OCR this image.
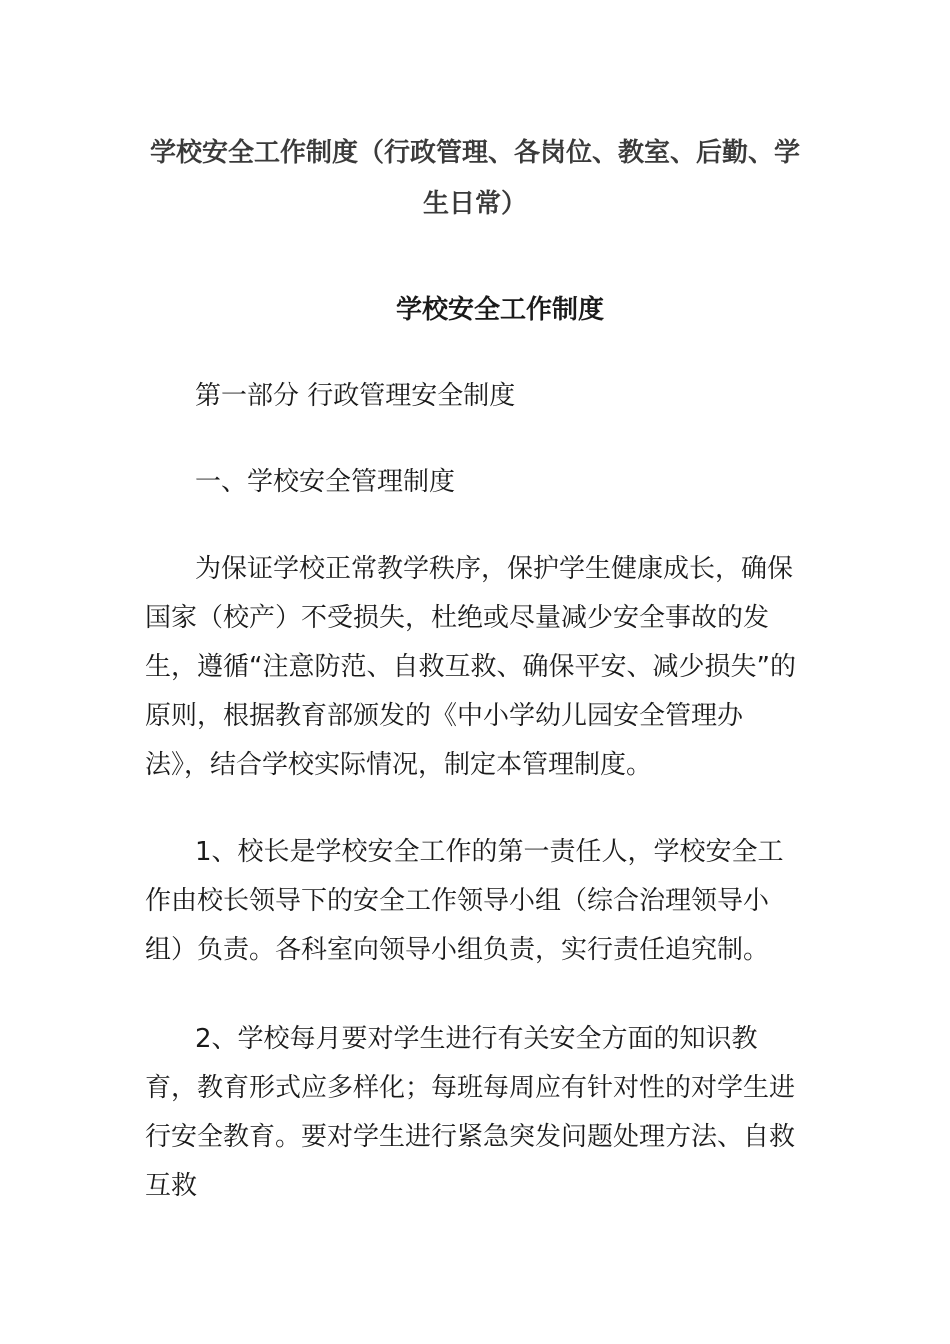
学校安全工作制度（行政管理、各岗位、教室、后勤、学生日常）
学校安全工作制度
第一部分 行政管理安全制度
一、学校安全管理制度

为保证学校正常教学秩序，保护学生健康成长，确保国家（校产）不受损失，杜绝或尽量减少安全事故的发生，遵循“注意防范、自救互救、确保平安、减少损失”的原则，根据教育部颁发的《中小学幼儿园安全管理办法》，结合学校实际情况，制定本管理制度。

1、校长是学校安全工作的第一责任人，学校安全工作由校长领导下的安全工作领导小组（综合治理领导小组）负责。各科室向领导小组负责，实行责任追究制。

2、学校每月要对学生进行有关安全方面的知识教育，教育形式应多样化；每班每周应有针对性的对学生进行安全教育。要对学生进行紧急突发问题处理方法、自救互救
